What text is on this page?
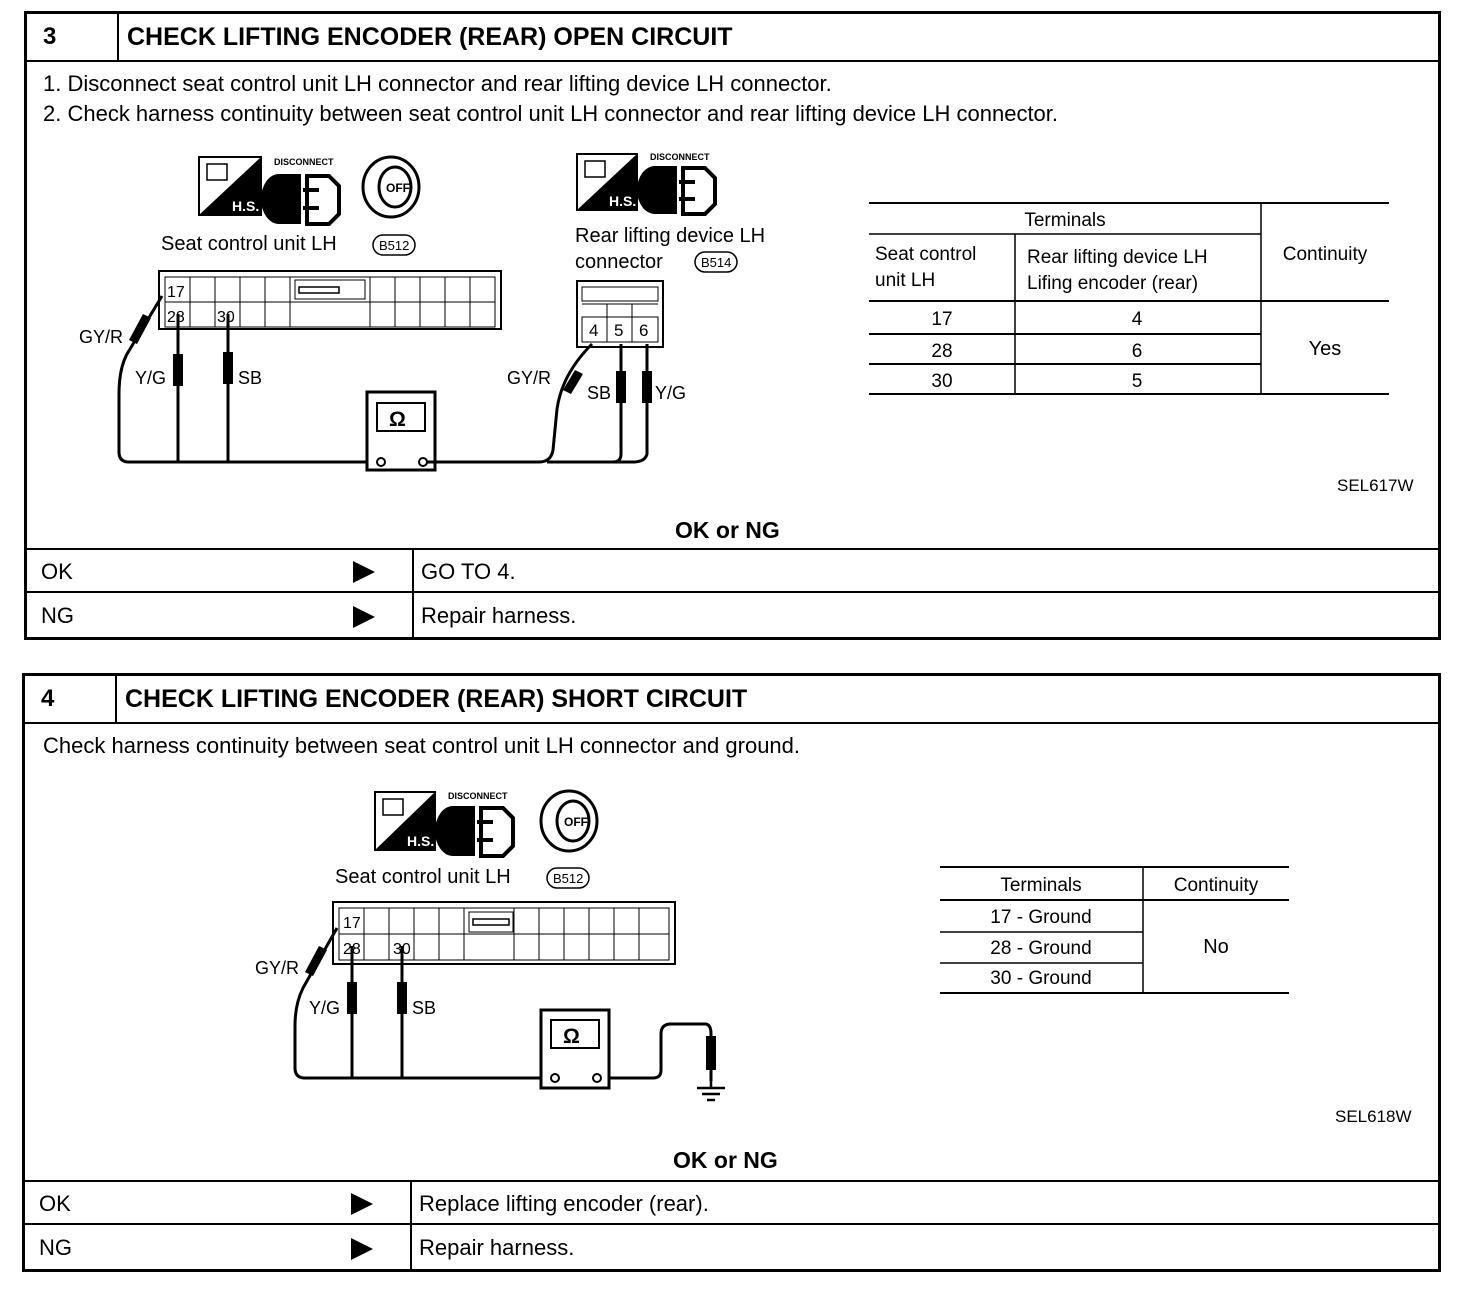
3	CHECK LIFTING ENCODER (REAR) OPEN CIRCUIT
1. Disconnect seat control unit LH connector and rear lifting device LH connector.
2. Check harness continuity between seat control unit LH connector and rear lifting device LH connector.
H.S.
DISCONNECT
OFF
H.S.
DISCONNECT
Seat control unit LH	B512
17
28 30
GY/R
Y/G	SB
Ω
Rear lifting device LH
connector	B514
4 5 6
GY/R
SB Y/G
Terminals
Seat control unit LH
Rear lifting device LH
Lifing encoder (rear)
Continuity
17	4
28	6
30	5
Yes
SEL617W
OK or NG
OK	GO TO 4.
NG	Repair harness.
4	CHECK LIFTING ENCODER (REAR) SHORT CIRCUIT
Check harness continuity between seat control unit LH connector and ground.
H.S.
DISCONNECT
OFF
Seat control unit LH	B512
17
28 30
GY/R
Y/G	SB
Ω
Terminals	Continuity
17 - Ground
28 - Ground
30 - Ground
No
SEL618W
OK or NG
OK	Replace lifting encoder (rear).
NG	Repair harness.
